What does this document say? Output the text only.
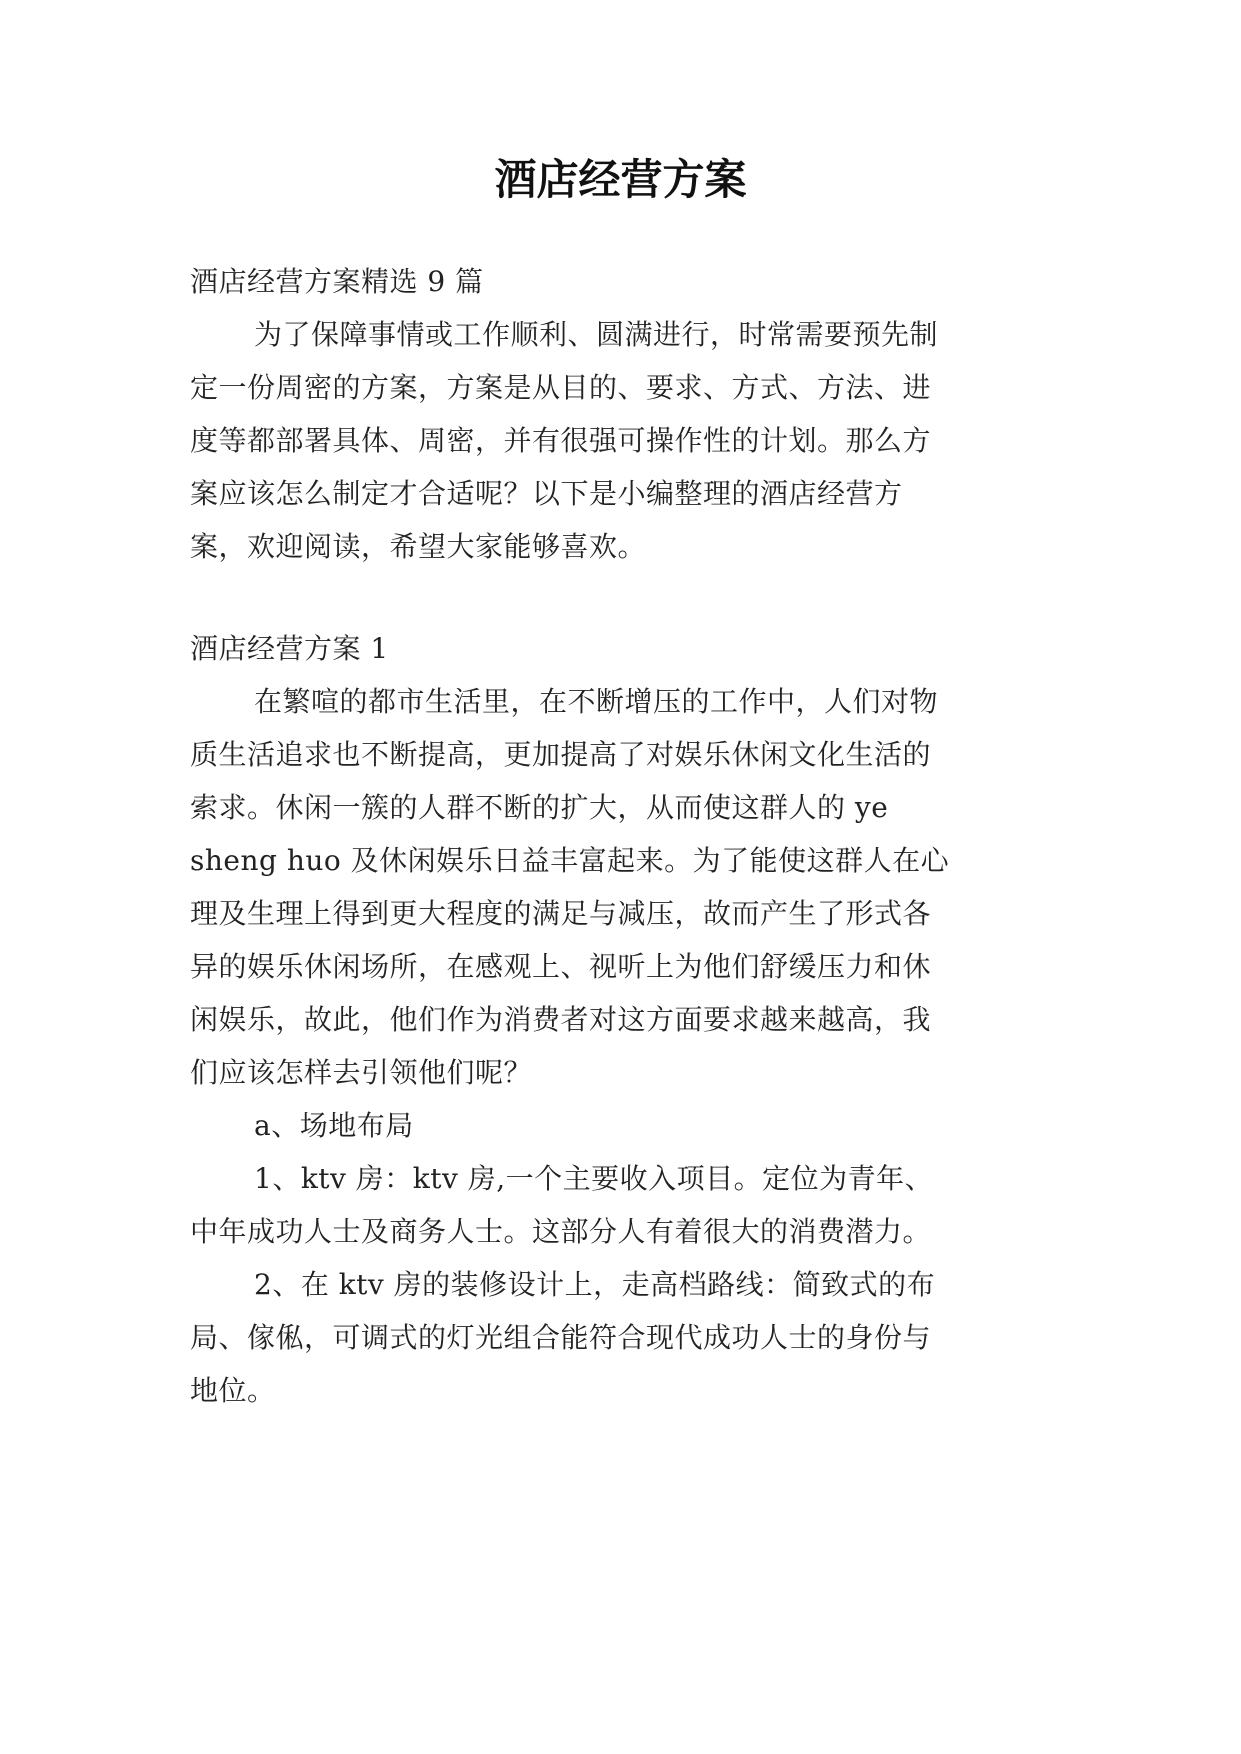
酒店经营方案
酒店经营方案精选 9 篇
为了保障事情或工作顺利、圆满进行，时常需要预先制
定一份周密的方案，方案是从目的、要求、方式、方法、进
度等都部署具体、周密，并有很强可操作性的计划。那么方
案应该怎么制定才合适呢？以下是小编整理的酒店经营方
案，欢迎阅读，希望大家能够喜欢。
酒店经营方案 1
在繁喧的都市生活里，在不断增压的工作中，人们对物
质生活追求也不断提高，更加提高了对娱乐休闲文化生活的
索求。休闲一簇的人群不断的扩大，从而使这群人的 ye
sheng huo 及休闲娱乐日益丰富起来。为了能使这群人在心
理及生理上得到更大程度的满足与减压，故而产生了形式各
异的娱乐休闲场所，在感观上、视听上为他们舒缓压力和休
闲娱乐，故此，他们作为消费者对这方面要求越来越高，我
们应该怎样去引领他们呢？
a、场地布局
1、ktv 房：ktv 房,一个主要收入项目。定位为青年、
中年成功人士及商务人士。这部分人有着很大的消费潜力。
2、在 ktv 房的装修设计上，走高档路线：简致式的布
局、傢俬，可调式的灯光组合能符合现代成功人士的身份与
地位。
